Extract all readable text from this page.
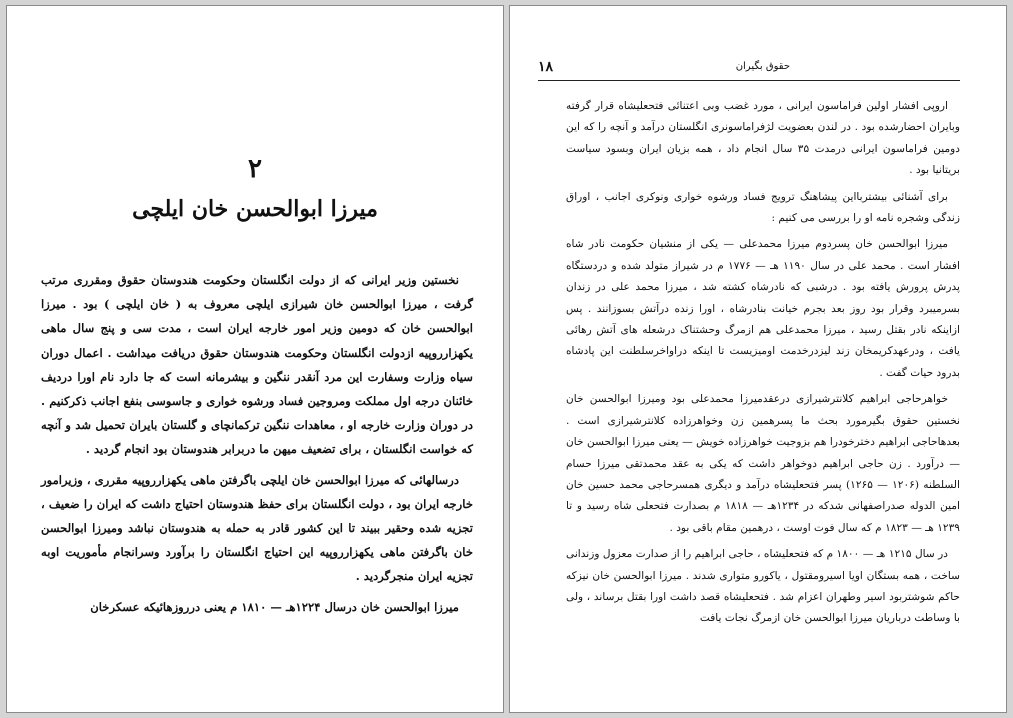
۲
میرزا ابوالحسن خان ایلچی

نخستین وزیر ایرانی که از دولت انگلستان وحکومت هندوستان حقوق ومقرری مرتب گرفت ، میرزا ابوالحسن خان شیرازی ایلچی معروف به ( خان ایلچی ) بود . میرزا ابوالحسن خان که دومین وزیر امور خارجه ایران است ، مدت سی و پنج سال ماهی یکهزارروپیه ازدولت انگلستان وحکومت هندوستان حقوق دریافت میداشت . اعمال دوران سیاه وزارت وسفارت این مرد آنقدر ننگین و بیشرمانه است که جا دارد نام اورا دردیف خائنان درجه اول مملکت ومروجین فساد ورشوه خواری و جاسوسی بنفع اجانب ذکرکنیم . در دوران وزارت خارجه او ، معاهدات ننگین ترکمانچای و گلستان بایران تحمیل شد و آنچه که خواست انگلستان ، برای تضعیف میهن ما دربرابر هندوستان بود انجام گردید .

درسالهائی که میرزا ابوالحسن خان ایلچی باگرفتن ماهی یکهزارروپیه مقرری ، وزیرامور خارجه ایران بود ، دولت انگلستان برای حفظ هندوستان احتیاج داشت که ایران را ضعیف ، تجزیه شده وحقیر ببیند تا این کشور قادر به حمله به هندوستان نباشد ومیرزا ابوالحسن خان باگرفتن ماهی یکهزارروپیه این احتیاج انگلستان را برآورد وسرانجام مأموریت اوبه تجزیه ایران منجرگردید .

میرزا ابوالحسن خان درسال ۱۲۲۴هـ — ۱۸۱۰ م یعنی درروزهائیکه عسکرخان

۱۸	حقوق بگیران

اروپی افشار اولین فراماسون ایرانی ، مورد غضب وبی اعتنائی فتحعلیشاه قرار گرفته وبایران احضارشده بود . در لندن بعضویت لژفراماسونری انگلستان درآمد و آنچه را که این دومین فراماسون ایرانی درمدت ۳۵ سال انجام داد ، همه بزیان ایران وبسود سیاست بریتانیا بود .

برای آشنائی بیشتربااین پیشاهنگ ترویج فساد ورشوه خواری ونوکری اجانب ، اوراق زندگی وشجره نامه او را بررسی می کنیم :

میرزا ابوالحسن خان پسردوم میرزا محمدعلی — یکی از منشیان حکومت نادر شاه افشار است . محمد علی در سال ۱۱۹۰ هـ — ۱۷۷۶ م در شیراز متولد شده و دردستگاه پدرش پرورش یافته بود . درشبی که نادرشاه کشته شد ، میرزا محمد علی در زندان بسرمیبرد وقرار بود روز بعد بجرم خیانت بنادرشاه ، اورا زنده درآتش بسوزانند . پس ازاینکه نادر بقتل رسید ، میرزا محمدعلی هم ازمرگ وحشتناک درشعله های آتش رهائی یافت ، ودرعهدکریمخان زند لیزدرخدمت اومیزیست تا اینکه دراواخرسلطنت این پادشاه بدرود حیات گفت .

خواهرحاجی ابراهیم کلانترشیرازی درعقدمیرزا محمدعلی بود ومیرزا ابوالحسن خان نخستین حقوق بگیرمورد بحث ما پسرهمین زن وخواهرزاده کلانترشیرازی است . بعدهاحاجی ابراهیم دخترخودرا هم بزوجیت خواهرزاده خویش — یعنی میرزا ابوالحسن خان — درآورد . زن حاجی ابراهیم دوخواهر داشت که یکی به عقد محمدتقی میرزا حسام السلطنه (۱۲۰۶ — ۱۲۶۵) پسر فتحعلیشاه درآمد و دیگری همسرحاجی محمد حسین خان امین الدوله صدراصفهانی شدکه در ۱۲۳۴هـ — ۱۸۱۸ م بصدارت فتحعلی شاه رسید و تا ۱۲۳۹ هـ — ۱۸۲۳ م که سال فوت اوست ، درهمین مقام باقی بود .

در سال ۱۲۱۵ هـ — ۱۸۰۰ م که فتحعلیشاه ، حاجی ابراهیم را از صدارت معزول وزندانی ساخت ، همه بستگان اویا اسیرومقتول ، یاکورو متواری شدند . میرزا ابوالحسن خان نیزکه حاکم شوشتربود اسیر وطهران اعزام شد . فتحعلیشاه قصد داشت اورا بقتل برساند ، ولی با وساطت درباریان میرزا ابوالحسن خان ازمرگ نجات یافت
